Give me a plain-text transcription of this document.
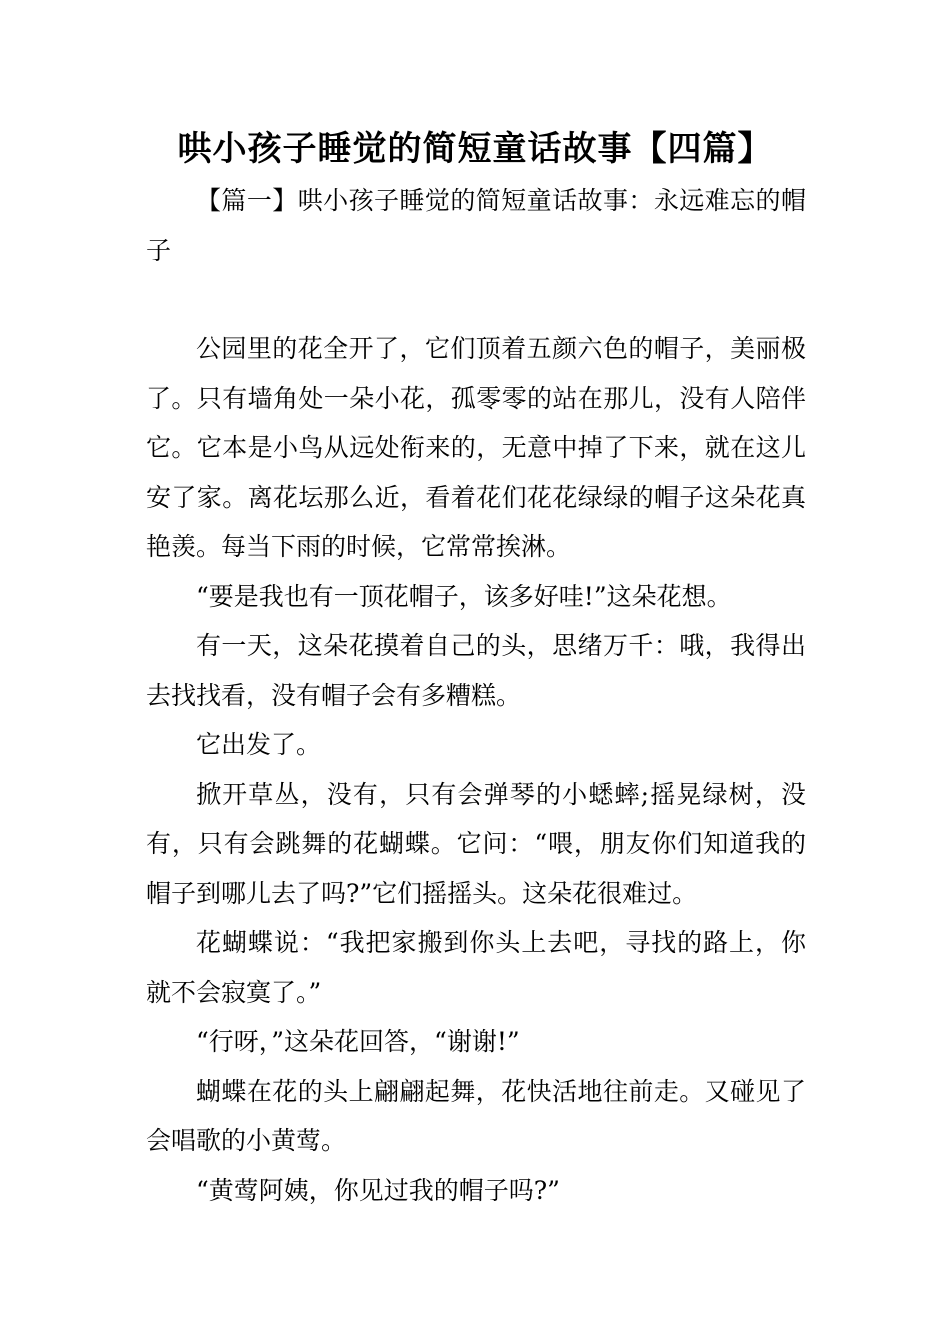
哄小孩子睡觉的简短童话故事【四篇】

【篇一】哄小孩子睡觉的简短童话故事：永远难忘的帽子

公园里的花全开了，它们顶着五颜六色的帽子，美丽极了。只有墙角处一朵小花，孤零零的站在那儿，没有人陪伴它。它本是小鸟从远处衔来的，无意中掉了下来，就在这儿安了家。离花坛那么近，看着花们花花绿绿的帽子这朵花真艳羡。每当下雨的时候，它常常挨淋。

“要是我也有一顶花帽子，该多好哇!”这朵花想。

有一天，这朵花摸着自己的头，思绪万千：哦，我得出去找找看，没有帽子会有多糟糕。

它出发了。

掀开草丛，没有，只有会弹琴的小蟋蟀;摇晃绿树，没有，只有会跳舞的花蝴蝶。它问：“喂，朋友你们知道我的帽子到哪儿去了吗?”它们摇摇头。这朵花很难过。

花蝴蝶说：“我把家搬到你头上去吧，寻找的路上，你就不会寂寞了。”

“行呀，”这朵花回答，“谢谢!”

蝴蝶在花的头上翩翩起舞，花快活地往前走。又碰见了会唱歌的小黄莺。

“黄莺阿姨，你见过我的帽子吗?”
